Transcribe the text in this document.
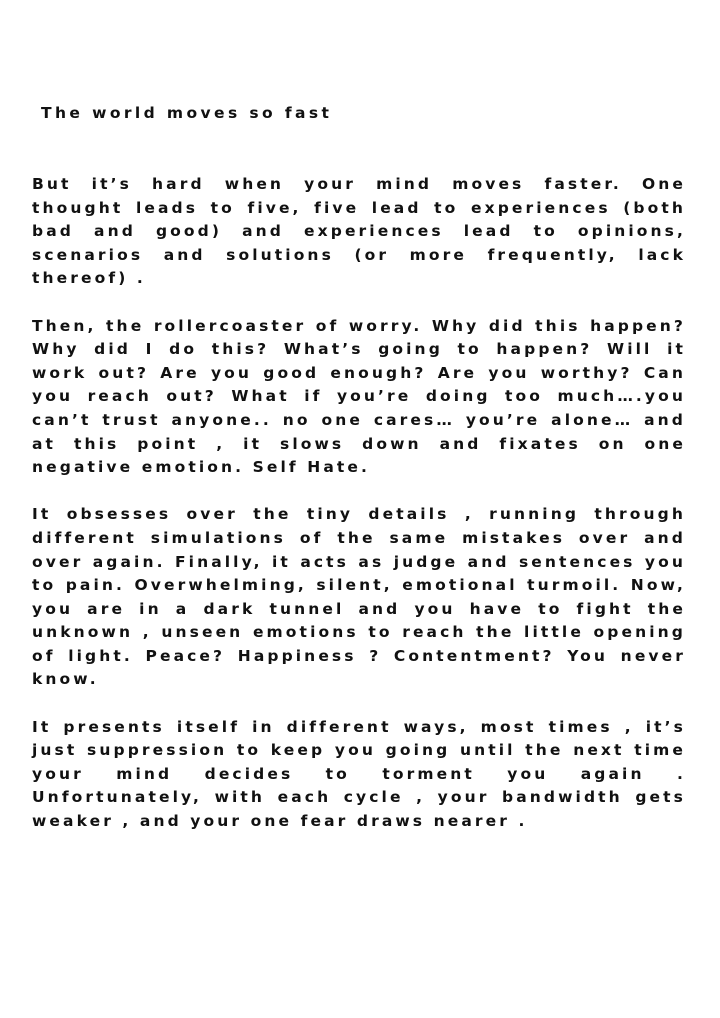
The world moves so fast

But it’s hard when your mind moves faster. One thought leads to five, five lead to experiences (both bad and good) and experiences lead to opinions, scenarios and solutions (or more frequently, lack thereof) .

Then, the rollercoaster of worry. Why did this happen? Why did I do this? What’s going to happen? Will it work out? Are you good enough? Are you worthy? Can you reach out? What if you’re doing too much….you can’t trust anyone.. no one cares… you’re alone… and at this point , it slows down and fixates on one negative emotion. Self Hate.

It obsesses over the tiny details , running through different simulations of the same mistakes over and over again. Finally, it acts as judge and sentences you to pain. Overwhelming, silent, emotional turmoil. Now, you are in a dark tunnel and you have to fight the unknown , unseen emotions to reach the little opening of light. Peace? Happiness ? Contentment? You never know.

It presents itself in different ways, most times , it’s just suppression to keep you going until the next time your mind decides to torment you again . Unfortunately, with each cycle , your bandwidth gets weaker , and your one fear draws nearer .
